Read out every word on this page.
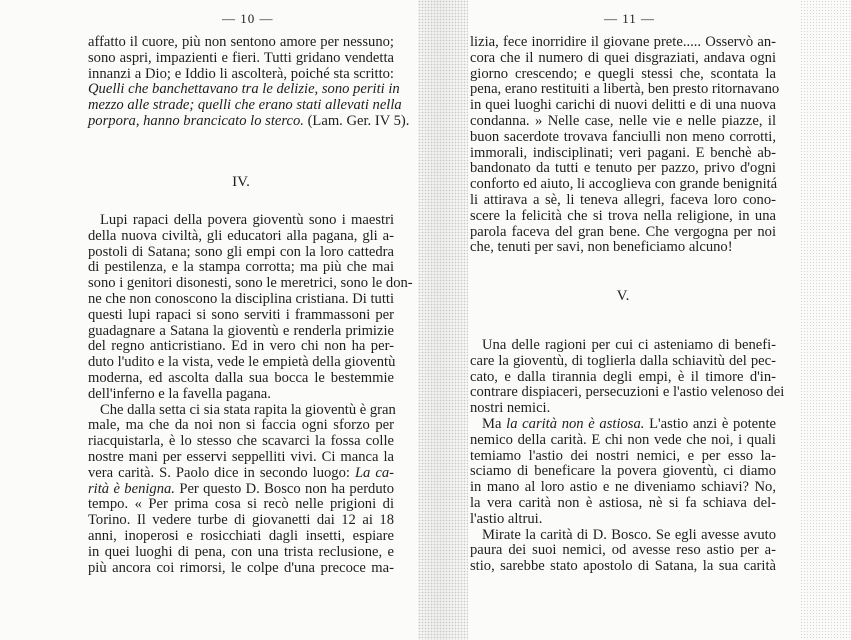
— 10 —
affatto il cuore, più non sentono amore per nessuno;
sono aspri, impazienti e fieri. Tutti gridano vendetta
innanzi a Dio; e Iddio li ascolterà, poiché sta scritto:
Quelli che banchettavano tra le delizie, sono periti in
mezzo alle strade; quelli che erano stati allevati nella
porpora, hanno brancicato lo sterco. (Lam. Ger. IV 5).
IV.
Lupi rapaci della povera gioventù sono i maestri
della nuova civiltà, gli educatori alla pagana, gli a-
postoli di Satana; sono gli empi con la loro cattedra
di pestilenza, e la stampa corrotta; ma più che mai
sono i genitori disonesti, sono le meretrici, sono le don-
ne che non conoscono la disciplina cristiana. Di tutti
questi lupi rapaci si sono serviti i frammassoni per
guadagnare a Satana la gioventù e renderla primizie
del regno anticristiano. Ed in vero chi non ha per-
duto l'udito e la vista, vede le empietà della gioventù
moderna, ed ascolta dalla sua bocca le bestemmie
dell'inferno e la favella pagana.
Che dalla setta ci sia stata rapita la gioventù è gran
male, ma che da noi non si faccia ogni sforzo per
riacquistarla, è lo stesso che scavarci la fossa colle
nostre mani per esservi seppelliti vivi. Ci manca la
vera carità. S. Paolo dice in secondo luogo: La ca-
rità è benigna. Per questo D. Bosco non ha perduto
tempo. « Per prima cosa si recò nelle prigioni di
Torino. Il vedere turbe di giovanetti dai 12 ai 18
anni, inoperosi e rosicchiati dagli insetti, espiare
in quei luoghi di pena, con una trista reclusione, e
più ancora coi rimorsi, le colpe d'una precoce ma-
— 11 —
lizia, fece inorridire il giovane prete..... Osservò an-
cora che il numero di quei disgraziati, andava ogni
giorno crescendo; e quegli stessi che, scontata la
pena, erano restituiti a libertà, ben presto ritornavano
in quei luoghi carichi di nuovi delitti e di una nuova
condanna. » Nelle case, nelle vie e nelle piazze, il
buon sacerdote trovava fanciulli non meno corrotti,
immorali, indisciplinati; veri pagani. E benchè ab-
bandonato da tutti e tenuto per pazzo, privo d'ogni
conforto ed aiuto, li accoglieva con grande benignitá
li attirava a sè, li teneva allegri, faceva loro cono-
scere la felicità che si trova nella religione, in una
parola faceva del gran bene. Che vergogna per noi
che, tenuti per savi, non beneficiamo alcuno!
V.
Una delle ragioni per cui ci asteniamo di benefi-
care la gioventù, di toglierla dalla schiavitù del pec-
cato, e dalla tirannia degli empi, è il timore d'in-
contrare dispiaceri, persecuzioni e l'astio velenoso dei
nostri nemici.
Ma la carità non è astiosa. L'astio anzi è potente
nemico della carità. E chi non vede che noi, i quali
temiamo l'astio dei nostri nemici, e per esso la-
sciamo di beneficare la povera gioventù, ci diamo
in mano al loro astio e ne diveniamo schiavi? No,
la vera carità non è astiosa, nè si fa schiava del-
l'astio altrui.
Mirate la carità di D. Bosco. Se egli avesse avuto
paura dei suoi nemici, od avesse reso astio per a-
stio, sarebbe stato apostolo di Satana, la sua carità
